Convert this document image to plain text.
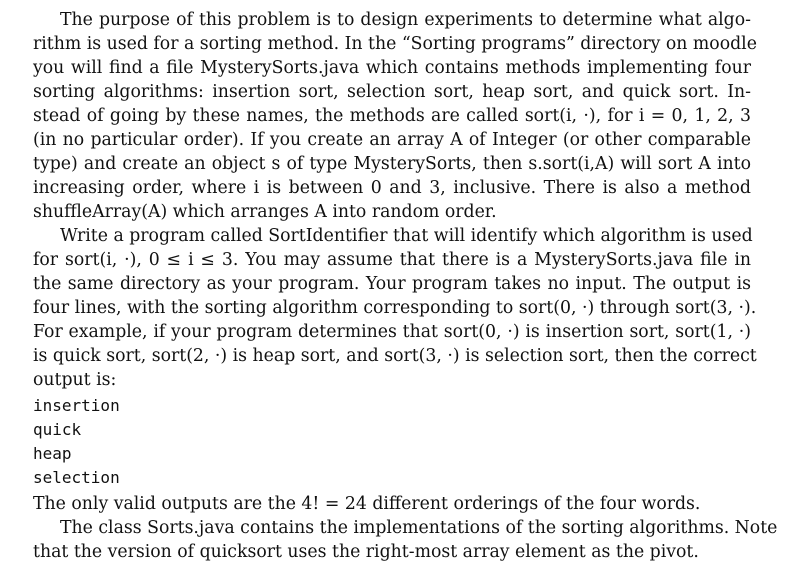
The purpose of this problem is to design experiments to determine what algo-
rithm is used for a sorting method. In the “Sorting programs” directory on moodle
you will find a file MysterySorts.java which contains methods implementing four
sorting algorithms: insertion sort, selection sort, heap sort, and quick sort. In-
stead of going by these names, the methods are called sort(i, ·), for i = 0, 1, 2, 3
(in no particular order). If you create an array A of Integer (or other comparable
type) and create an object s of type MysterySorts, then s.sort(i,A) will sort A into
increasing order, where i is between 0 and 3, inclusive. There is also a method
shuffleArray(A) which arranges A into random order.
Write a program called SortIdentifier that will identify which algorithm is used
for sort(i, ·), 0 ≤ i ≤ 3. You may assume that there is a MysterySorts.java file in
the same directory as your program. Your program takes no input. The output is
four lines, with the sorting algorithm corresponding to sort(0, ·) through sort(3, ·).
For example, if your program determines that sort(0, ·) is insertion sort, sort(1, ·)
is quick sort, sort(2, ·) is heap sort, and sort(3, ·) is selection sort, then the correct
output is:
insertion
quick
heap
selection
The only valid outputs are the 4! = 24 different orderings of the four words.
The class Sorts.java contains the implementations of the sorting algorithms. Note
that the version of quicksort uses the right-most array element as the pivot.
